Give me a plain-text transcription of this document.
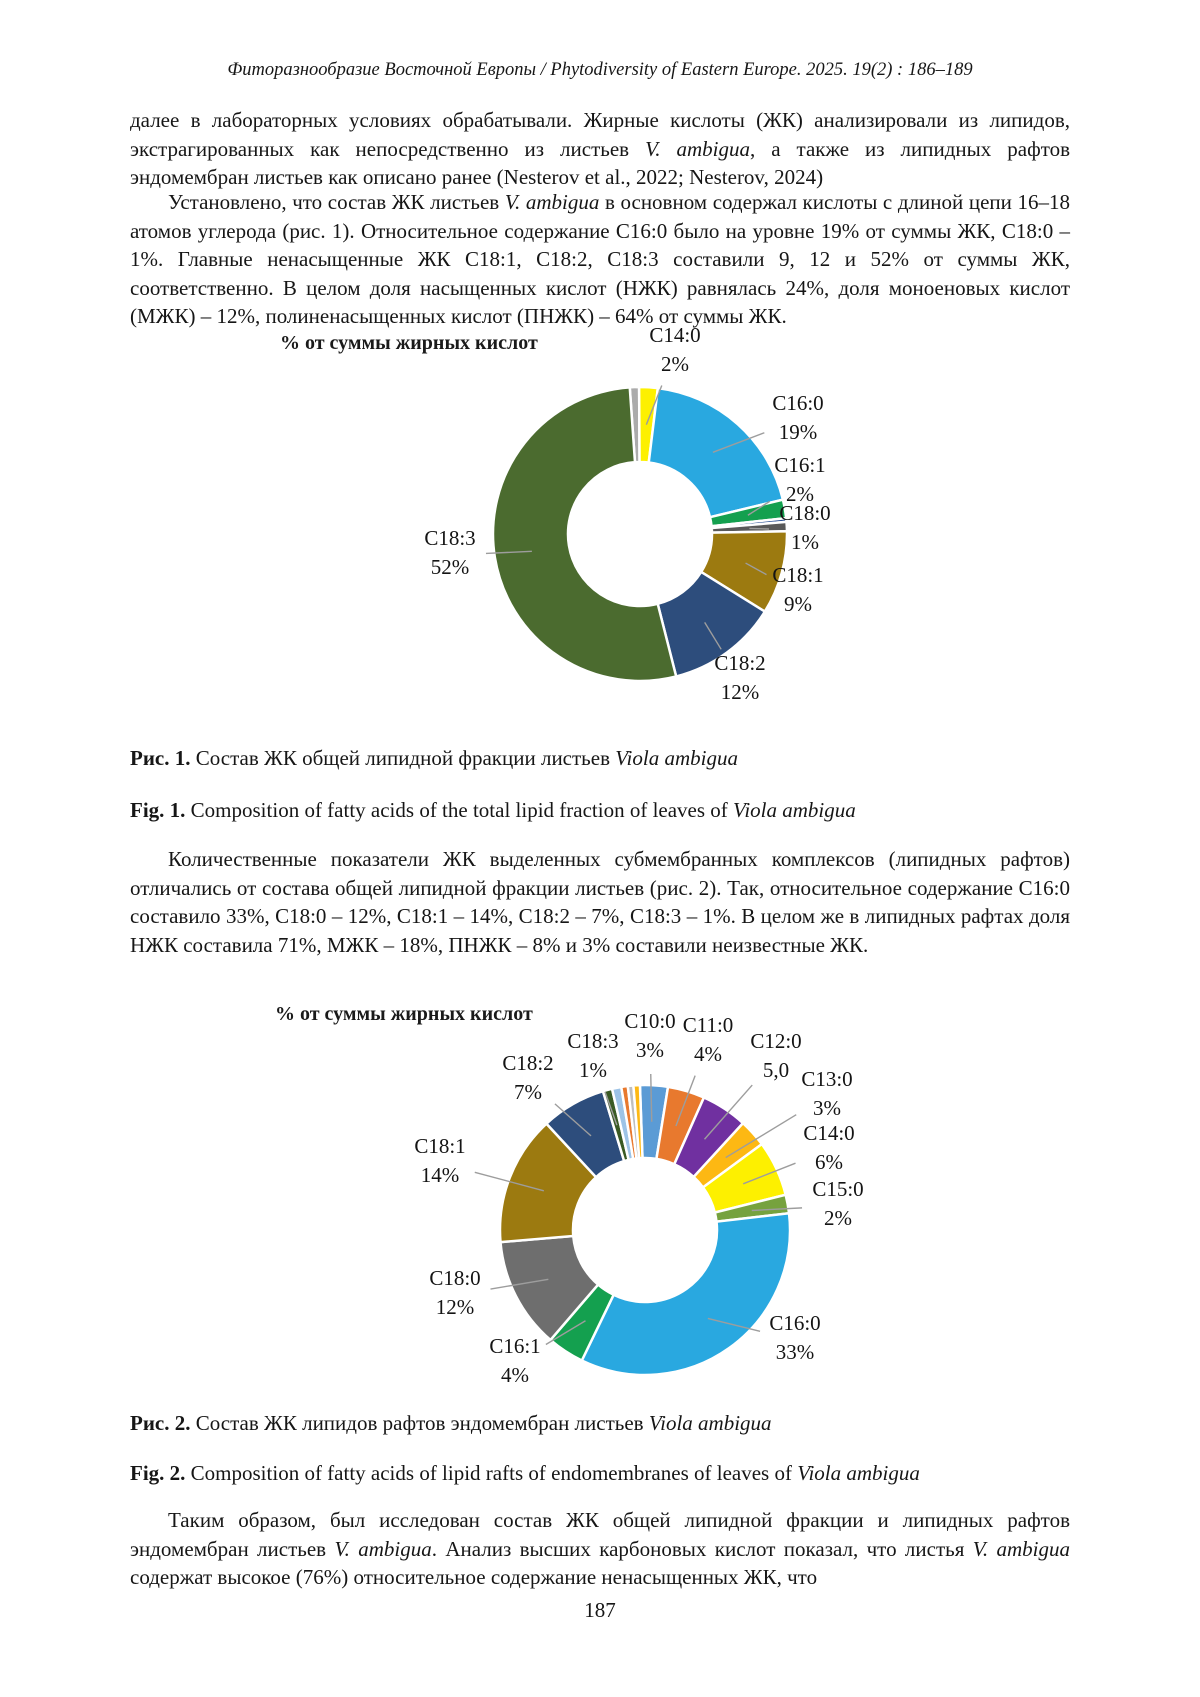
Фиторазнообразие Восточной Европы / Phytodiversity of Eastern Europe. 2025. 19(2) : 186–189

далее в лабораторных условиях обрабатывали. Жирные кислоты (ЖК) анализировали из липидов, экстрагированных как непосредственно из листьев V. ambigua, а также из липидных рафтов эндомембран листьев как описано ранее (Nesterov et al., 2022; Nesterov, 2024)

Установлено, что состав ЖК листьев V. ambigua в основном содержал кислоты с длиной цепи 16–18 атомов углерода (рис. 1). Относительное содержание C16:0 было на уровне 19% от суммы ЖК, C18:0 – 1%. Главные ненасыщенные ЖК C18:1, C18:2, C18:3 составили 9, 12 и 52% от суммы ЖК, соответственно. В целом доля насыщенных кислот (НЖК) равнялась 24%, доля моноеновых кислот (МЖК) – 12%, полиненасыщенных кислот (ПНЖК) – 64% от суммы ЖК.

% от суммы жирных кислот	C14:0 2%
C16:0 19%
C16:1 2%
C18:0 1%
C18:1 9%
C18:2 12%
C18:3 52%

Рис. 1. Состав ЖК общей липидной фракции листьев Viola ambigua

Fig. 1. Composition of fatty acids of the total lipid fraction of leaves of Viola ambigua

Количественные показатели ЖК выделенных субмембранных комплексов (липидных рафтов) отличались от состава общей липидной фракции листьев (рис. 2). Так, относительное содержание C16:0 составило 33%, C18:0 – 12%, C18:1 – 14%, C18:2 – 7%, C18:3 – 1%. В целом же в липидных рафтах доля НЖК составила 71%, МЖК – 18%, ПНЖК – 8% и 3% составили неизвестные ЖК.

% от суммы жирных кислот	C10:0 3%
C11:0 4%
C12:0 5,0 C13:0 3%
C14:0 6%
C15:0 2%
C16:0 33%
C16:1 4%
C18:0 12%
C18:1 14%
C18:2 7%
C18:3 1%

Рис. 2. Состав ЖК липидов рафтов эндомембран листьев Viola ambigua

Fig. 2. Composition of fatty acids of lipid rafts of endomembranes of leaves of Viola ambigua

Таким образом, был исследован состав ЖК общей липидной фракции и липидных рафтов эндомембран листьев V. ambigua. Анализ высших карбоновых кислот показал, что листья V. ambigua содержат высокое (76%) относительное содержание ненасыщенных ЖК, что

187
